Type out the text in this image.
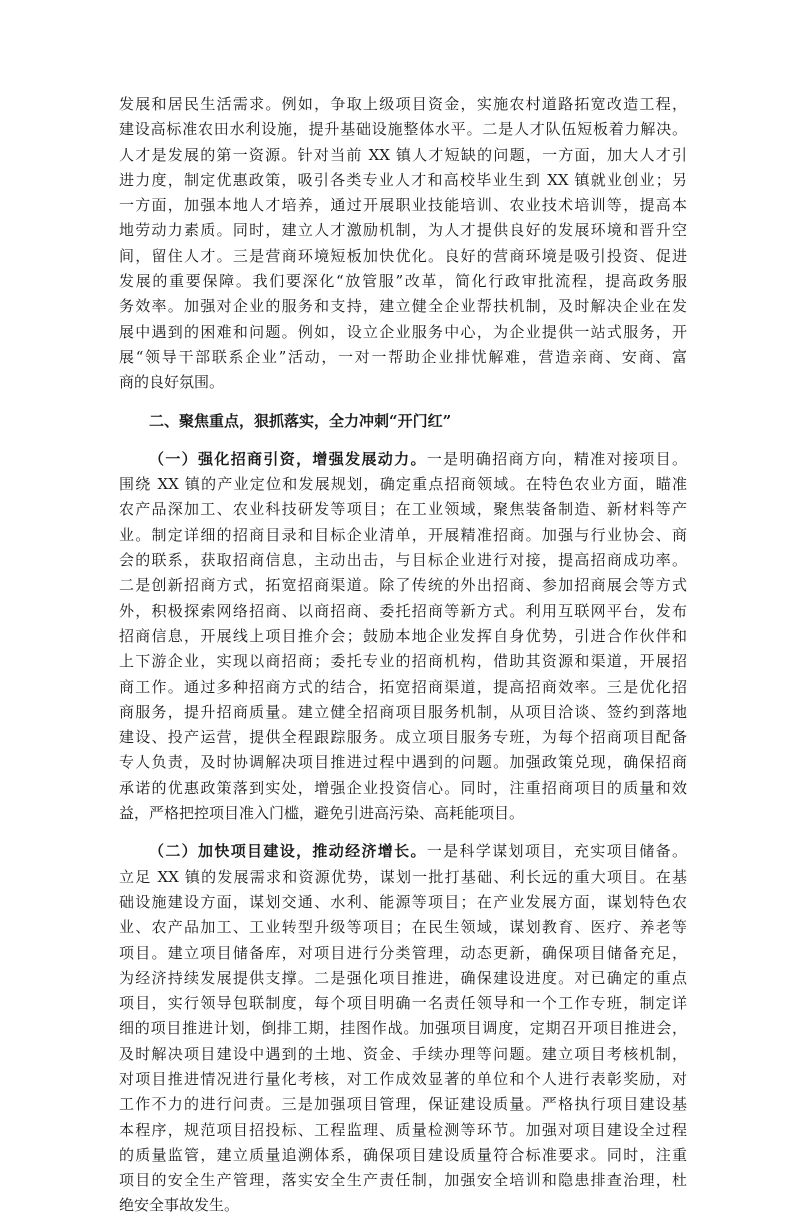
发展和居民生活需求。例如，争取上级项目资金，实施农村道路拓宽改造工程，
建设高标准农田水利设施，提升基础设施整体水平。二是人才队伍短板着力解决。
人才是发展的第一资源。针对当前 XX 镇人才短缺的问题，一方面，加大人才引
进力度，制定优惠政策，吸引各类专业人才和高校毕业生到 XX 镇就业创业；另
一方面，加强本地人才培养，通过开展职业技能培训、农业技术培训等，提高本
地劳动力素质。同时，建立人才激励机制，为人才提供良好的发展环境和晋升空
间，留住人才。三是营商环境短板加快优化。良好的营商环境是吸引投资、促进
发展的重要保障。我们要深化“放管服”改革，简化行政审批流程，提高政务服
务效率。加强对企业的服务和支持，建立健全企业帮扶机制，及时解决企业在发
展中遇到的困难和问题。例如，设立企业服务中心，为企业提供一站式服务，开
展“领导干部联系企业”活动，一对一帮助企业排忧解难，营造亲商、安商、富
商的良好氛围。
二、聚焦重点，狠抓落实，全力冲刺“开门红”
（一）强化招商引资，增强发展动力。一是明确招商方向，精准对接项目。
围绕 XX 镇的产业定位和发展规划，确定重点招商领域。在特色农业方面，瞄准
农产品深加工、农业科技研发等项目；在工业领域，聚焦装备制造、新材料等产
业。制定详细的招商目录和目标企业清单，开展精准招商。加强与行业协会、商
会的联系，获取招商信息，主动出击，与目标企业进行对接，提高招商成功率。
二是创新招商方式，拓宽招商渠道。除了传统的外出招商、参加招商展会等方式
外，积极探索网络招商、以商招商、委托招商等新方式。利用互联网平台，发布
招商信息，开展线上项目推介会；鼓励本地企业发挥自身优势，引进合作伙伴和
上下游企业，实现以商招商；委托专业的招商机构，借助其资源和渠道，开展招
商工作。通过多种招商方式的结合，拓宽招商渠道，提高招商效率。三是优化招
商服务，提升招商质量。建立健全招商项目服务机制，从项目洽谈、签约到落地
建设、投产运营，提供全程跟踪服务。成立项目服务专班，为每个招商项目配备
专人负责，及时协调解决项目推进过程中遇到的问题。加强政策兑现，确保招商
承诺的优惠政策落到实处，增强企业投资信心。同时，注重招商项目的质量和效
益，严格把控项目准入门槛，避免引进高污染、高耗能项目。
（二）加快项目建设，推动经济增长。一是科学谋划项目，充实项目储备。
立足 XX 镇的发展需求和资源优势，谋划一批打基础、利长远的重大项目。在基
础设施建设方面，谋划交通、水利、能源等项目；在产业发展方面，谋划特色农
业、农产品加工、工业转型升级等项目；在民生领域，谋划教育、医疗、养老等
项目。建立项目储备库，对项目进行分类管理，动态更新，确保项目储备充足，
为经济持续发展提供支撑。二是强化项目推进，确保建设进度。对已确定的重点
项目，实行领导包联制度，每个项目明确一名责任领导和一个工作专班，制定详
细的项目推进计划，倒排工期，挂图作战。加强项目调度，定期召开项目推进会，
及时解决项目建设中遇到的土地、资金、手续办理等问题。建立项目考核机制，
对项目推进情况进行量化考核，对工作成效显著的单位和个人进行表彰奖励，对
工作不力的进行问责。三是加强项目管理，保证建设质量。严格执行项目建设基
本程序，规范项目招投标、工程监理、质量检测等环节。加强对项目建设全过程
的质量监管，建立质量追溯体系，确保项目建设质量符合标准要求。同时，注重
项目的安全生产管理，落实安全生产责任制，加强安全培训和隐患排查治理，杜
绝安全事故发生。
